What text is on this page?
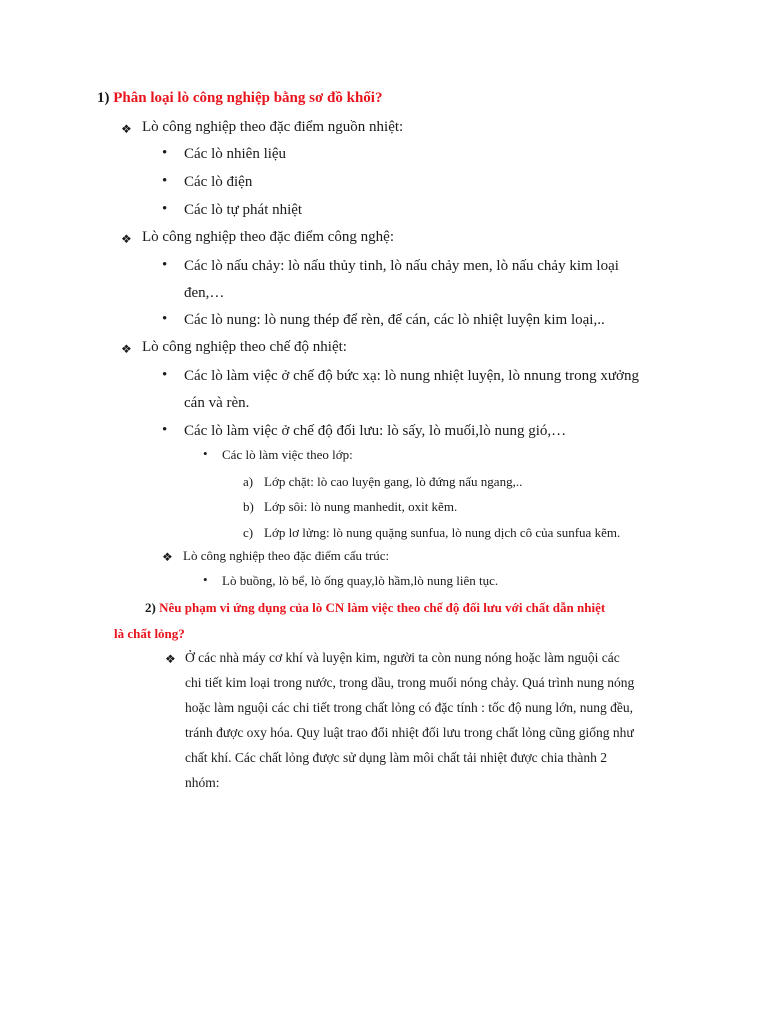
1) Phân loại lò công nghiệp bằng sơ đồ khối?
❖ Lò công nghiệp theo đặc điểm nguồn nhiệt:
• Các lò nhiên liệu
• Các lò điện
• Các lò tự phát nhiệt
❖ Lò công nghiệp theo đặc điểm công nghệ:
• Các lò nấu chảy: lò nấu thủy tinh, lò nấu chảy men, lò nấu chảy kim loại
đen,…
• Các lò nung: lò nung thép để rèn, để cán, các lò nhiệt luyện kim loại,..
❖ Lò công nghiệp theo chế độ nhiệt:
• Các lò làm việc ở chế độ bức xạ: lò nung nhiệt luyện, lò nnung trong xưởng
cán và rèn.
• Các lò làm việc ở chế độ đối lưu: lò sấy, lò muối,lò nung gió,…
• Các lò làm việc theo lớp:
a) Lớp chặt: lò cao luyện gang, lò đứng nấu ngang,..
b) Lớp sôi: lò nung manhedit, oxit kẽm.
c) Lớp lơ lửng: lò nung quặng sunfua, lò nung dịch cô của sunfua kẽm.
❖ Lò công nghiệp theo đặc điểm cấu trúc:
• Lò buồng, lò bể, lò ống quay,lò hầm,lò nung liên tục.
2) Nêu phạm vi ứng dụng của lò CN làm việc theo chế độ đối lưu với chất dẫn nhiệt
là chất lỏng?
❖ Ở các nhà máy cơ khí và luyện kim, người ta còn nung nóng hoặc làm nguội các
chi tiết kim loại trong nước, trong dầu, trong muối nóng chảy. Quá trình nung nóng
hoặc làm nguội các chi tiết trong chất lỏng có đặc tính : tốc độ nung lớn, nung đều,
tránh được oxy hóa. Quy luật trao đổi nhiệt đối lưu trong chất lỏng cũng giống như
chất khí. Các chất lỏng được sử dụng làm môi chất tải nhiệt được chia thành 2
nhóm:
